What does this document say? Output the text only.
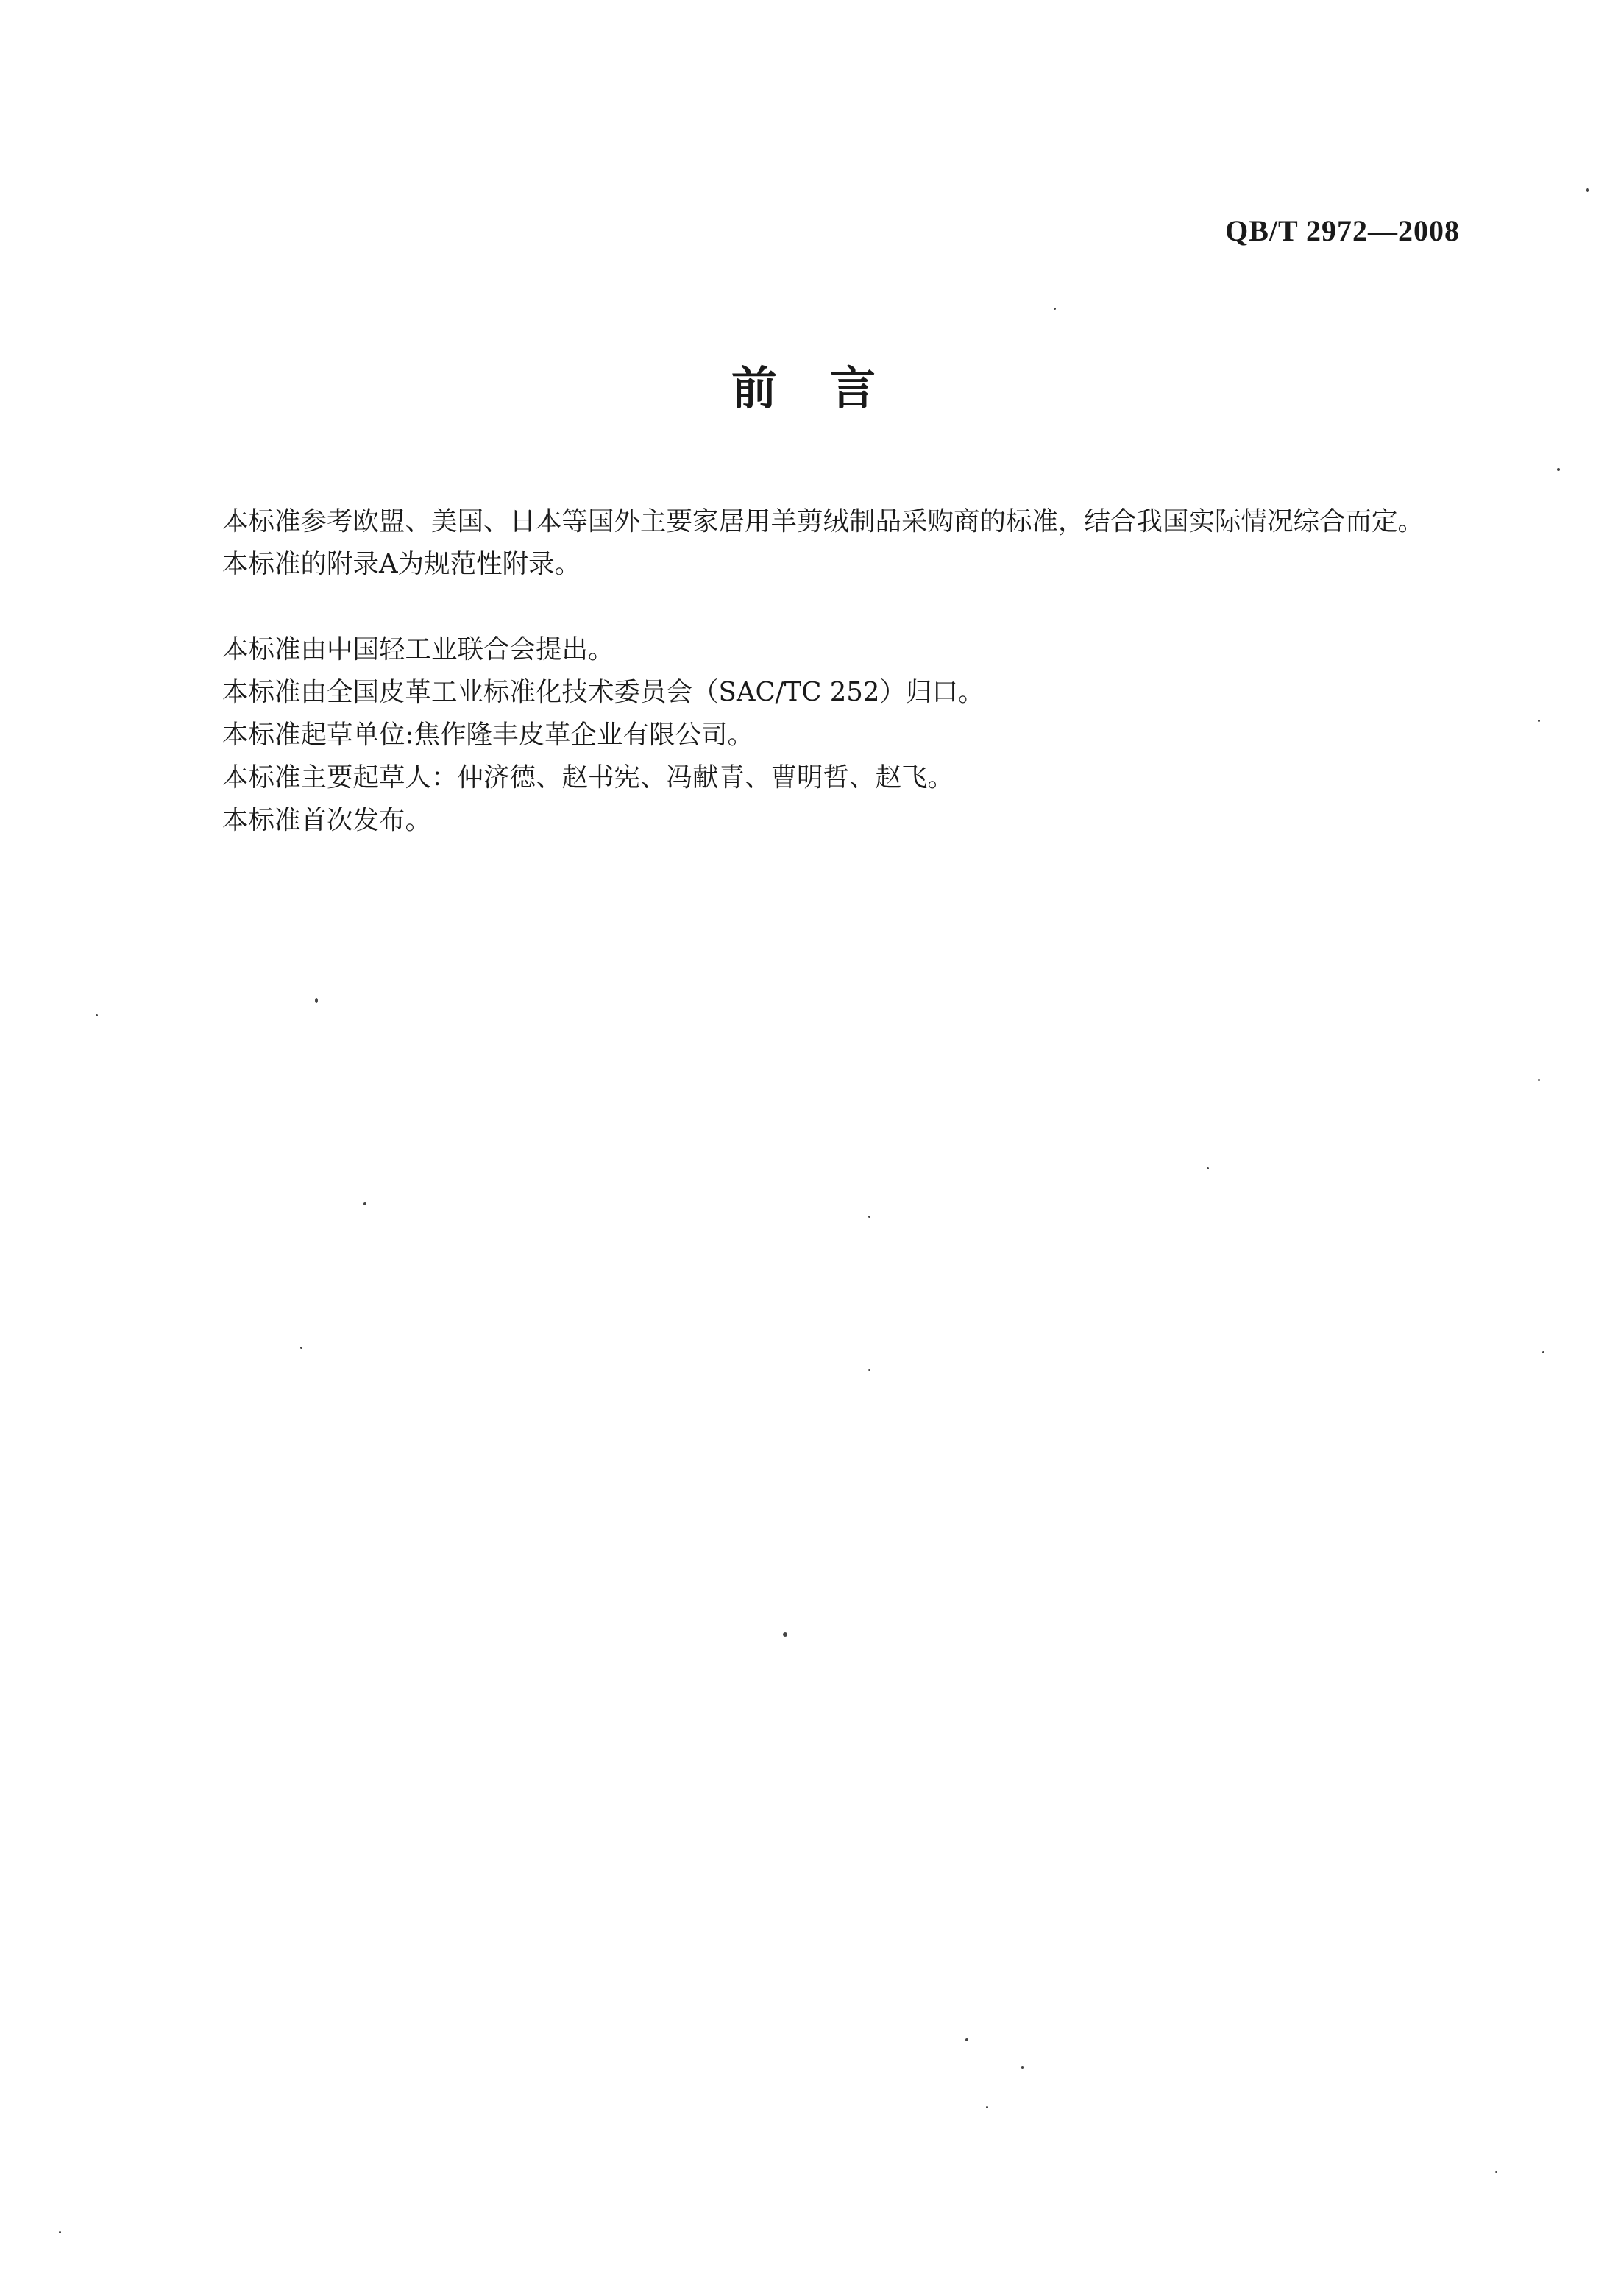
QB/T 2972—2008
前言

本标准参考欧盟、美国、日本等国外主要家居用羊剪绒制品采购商的标准，结合我国实际情况综合而定。

本标准的附录A为规范性附录。

本标准由中国轻工业联合会提出。

本标准由全国皮革工业标准化技术委员会（SAC/TC 252）归口。

本标准起草单位:焦作隆丰皮革企业有限公司。

本标准主要起草人：仲济德、赵书宪、冯献青、曹明哲、赵飞。

本标准首次发布。
